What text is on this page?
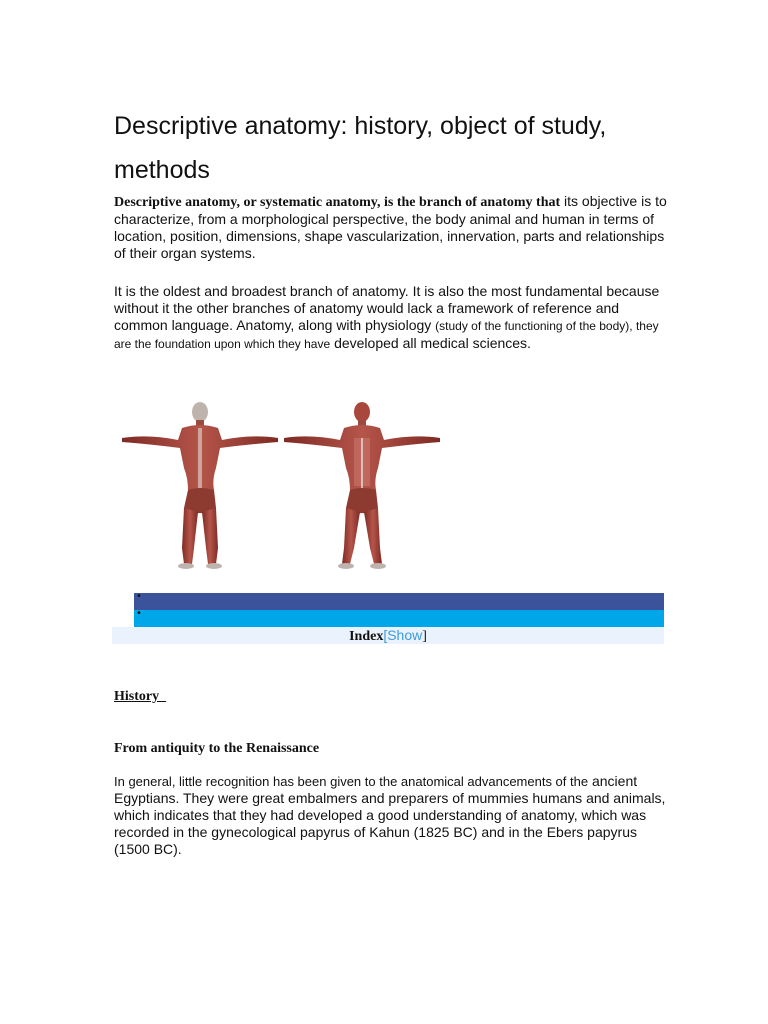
Descriptive anatomy: history, object of study, methods
Descriptive anatomy, or systematic anatomy, is the branch of anatomy that its objective is to characterize, from a morphological perspective, the body animal and human in terms of location, position, dimensions, shape vascularization, innervation, parts and relationships of their organ systems.
It is the oldest and broadest branch of anatomy. It is also the most fundamental because without it the other branches of anatomy would lack a framework of reference and common language. Anatomy, along with physiology (study of the functioning of the body), they are the foundation upon which they have developed all medical sciences.
•
•
Index[Show]
History
From antiquity to the Renaissance
In general, little recognition has been given to the anatomical advancements of the ancient Egyptians. They were great embalmers and preparers of mummies humans and animals, which indicates that they had developed a good understanding of anatomy, which was recorded in the gynecological papyrus of Kahun (1825 BC) and in the Ebers papyrus (1500 BC).
